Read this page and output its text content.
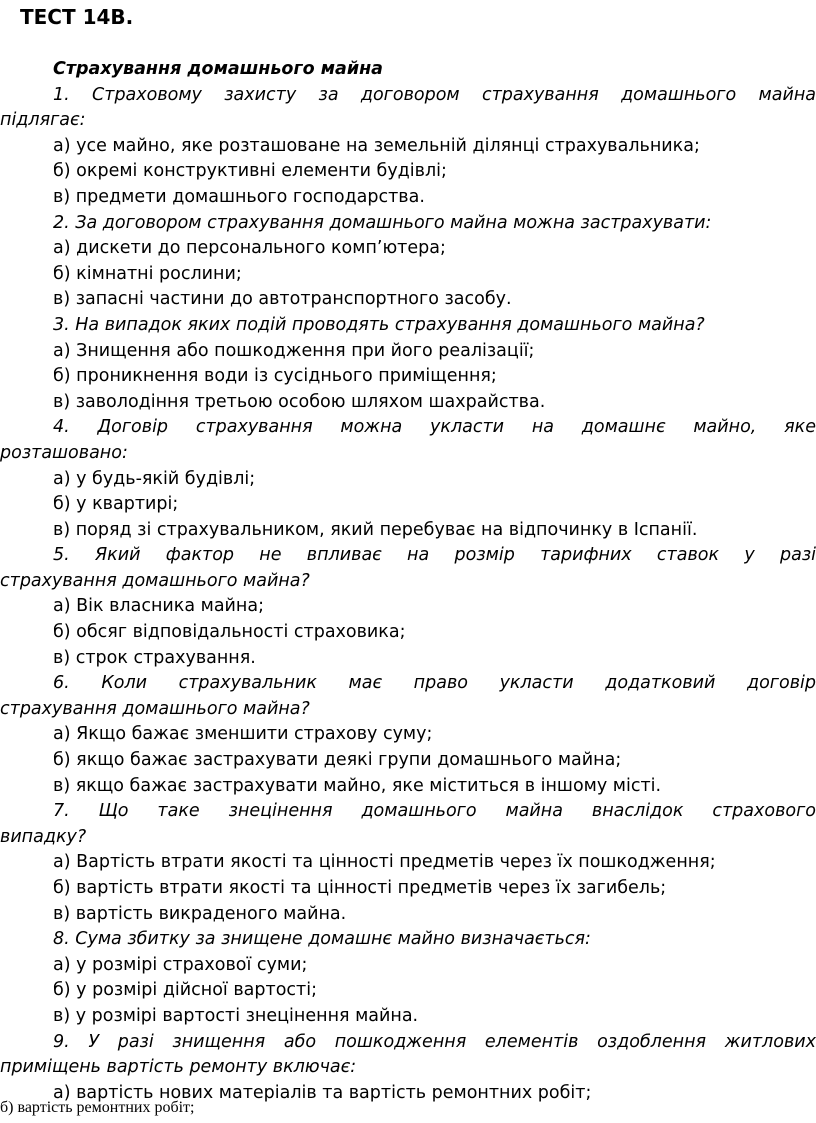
ТЕСТ 14В.
Страхування домашнього майна
1. Страховому захисту за договором страхування домашнього майна
підлягає:
а) усе майно, яке розташоване на земельній ділянці страхувальника;
б) окремі конструктивні елементи будівлі;
в) предмети домашнього господарства.
2. За договором страхування домашнього майна можна застрахувати:
а) дискети до персонального комп’ютера;
б) кімнатні рослини;
в) запасні частини до автотранспортного засобу.
3. На випадок яких подій проводять страхування домашнього майна?
а) Знищення або пошкодження при його реалізації;
б) проникнення води із сусіднього приміщення;
в) заволодіння третьою особою шляхом шахрайства.
4. Договір страхування можна укласти на домашнє майно, яке
розташовано:
а) у будь-якій будівлі;
б) у квартирі;
в) поряд зі страхувальником, який перебуває на відпочинку в Іспанії.
5. Який фактор не впливає на розмір тарифних ставок у разі
страхування домашнього майна?
а) Вік власника майна;
б) обсяг відповідальності страховика;
в) строк страхування.
6. Коли страхувальник має право укласти додатковий договір
страхування домашнього майна?
а) Якщо бажає зменшити страхову суму;
б) якщо бажає застрахувати деякі групи домашнього майна;
в) якщо бажає застрахувати майно, яке міститься в іншому місті.
7. Що таке знецінення домашнього майна внаслідок страхового
випадку?
а) Вартість втрати якості та цінності предметів через їх пошкодження;
б) вартість втрати якості та цінності предметів через їх загибель;
в) вартість викраденого майна.
8. Сума збитку за знищене домашнє майно визначається:
а) у розмірі страхової суми;
б) у розмірі дійсної вартості;
в) у розмірі вартості знецінення майна.
9. У разі знищення або пошкодження елементів оздоблення житлових
приміщень вартість ремонту включає:
а) вартість нових матеріалів та вартість ремонтних робіт;
б) вартість ремонтних робіт;
